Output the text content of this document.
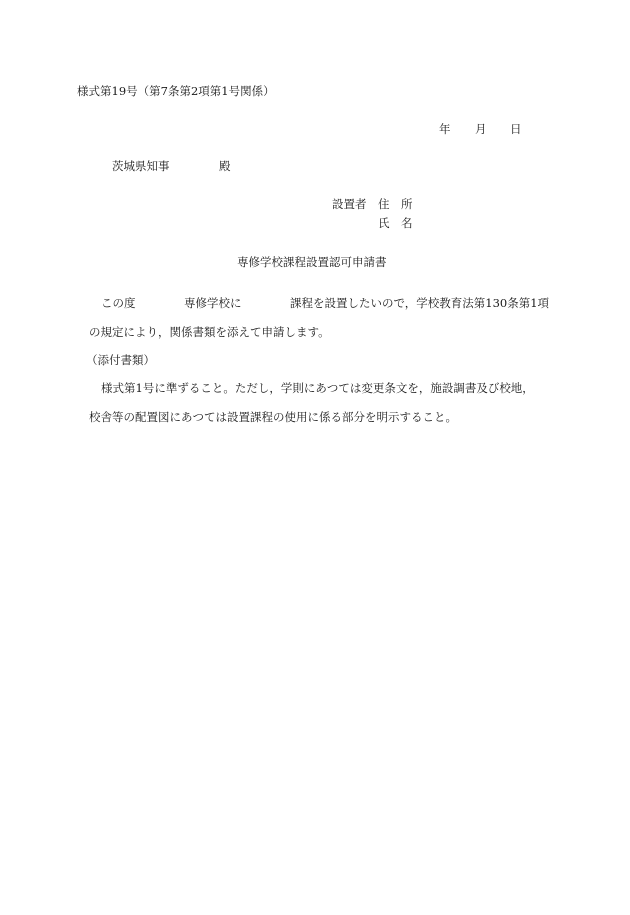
様式第19号（第7条第2項第1号関係）
年 月 日
茨城県知事	殿
設置者 住　所
氏　名
専修学校課程設置認可申請書
この度	専修学校に	課程を設置したいので，学校教育法第130条第1項
の規定により，関係書類を添えて申請します。
（添付書類）
様式第1号に準ずること。ただし，学則にあつては変更条文を，施設調書及び校地，
校舎等の配置図にあつては設置課程の使用に係る部分を明示すること。
